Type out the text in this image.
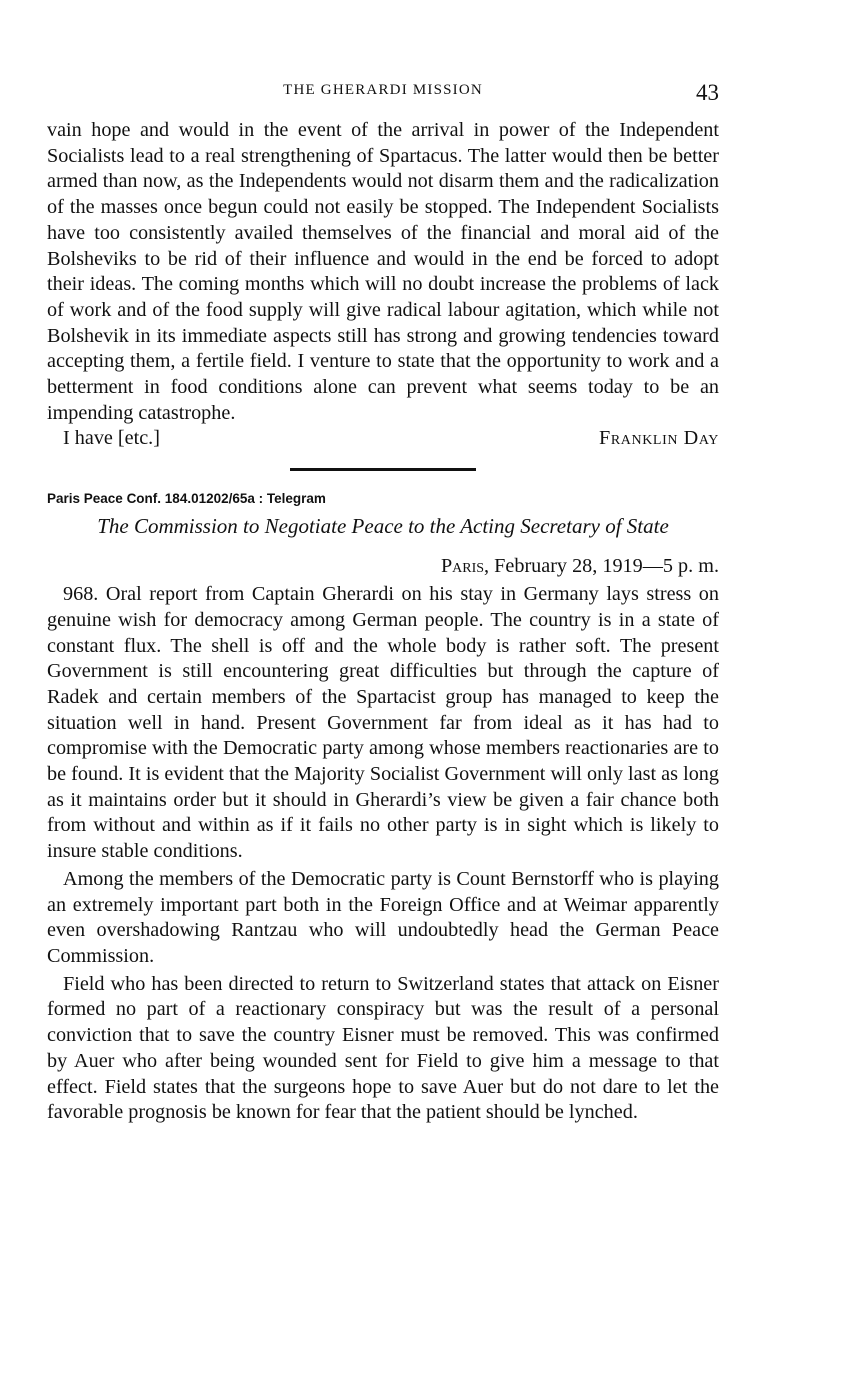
THE GHERARDI MISSION	43

vain hope and would in the event of the arrival in power of the Independent Socialists lead to a real strengthening of Spartacus. The latter would then be better armed than now, as the Independents would not disarm them and the radicalization of the masses once begun could not easily be stopped. The Independent Socialists have too consistently availed themselves of the financial and moral aid of the Bolsheviks to be rid of their influence and would in the end be forced to adopt their ideas. The coming months which will no doubt increase the problems of lack of work and of the food supply will give radical labour agitation, which while not Bolshevik in its immediate aspects still has strong and growing tendencies toward accepting them, a fertile field. I venture to state that the opportunity to work and a betterment in food conditions alone can prevent what seems today to be an impending catastrophe.

I have [etc.]	Franklin Day
Paris Peace Conf. 184.01202/65a : Telegram
The Commission to Negotiate Peace to the Acting Secretary of State
Paris, February 28, 1919—5 p. m.

968. Oral report from Captain Gherardi on his stay in Germany lays stress on genuine wish for democracy among German people. The country is in a state of constant flux. The shell is off and the whole body is rather soft. The present Government is still encountering great difficulties but through the capture of Radek and certain members of the Spartacist group has managed to keep the situation well in hand. Present Government far from ideal as it has had to compromise with the Democratic party among whose members reactionaries are to be found. It is evident that the Majority Socialist Government will only last as long as it maintains order but it should in Gherardi’s view be given a fair chance both from without and within as if it fails no other party is in sight which is likely to insure stable conditions.

Among the members of the Democratic party is Count Bernstorff who is playing an extremely important part both in the Foreign Office and at Weimar apparently even overshadowing Rantzau who will undoubtedly head the German Peace Commission.

Field who has been directed to return to Switzerland states that attack on Eisner formed no part of a reactionary conspiracy but was the result of a personal conviction that to save the country Eisner must be removed. This was confirmed by Auer who after being wounded sent for Field to give him a message to that effect. Field states that the surgeons hope to save Auer but do not dare to let the favorable prognosis be known for fear that the patient should be lynched.
